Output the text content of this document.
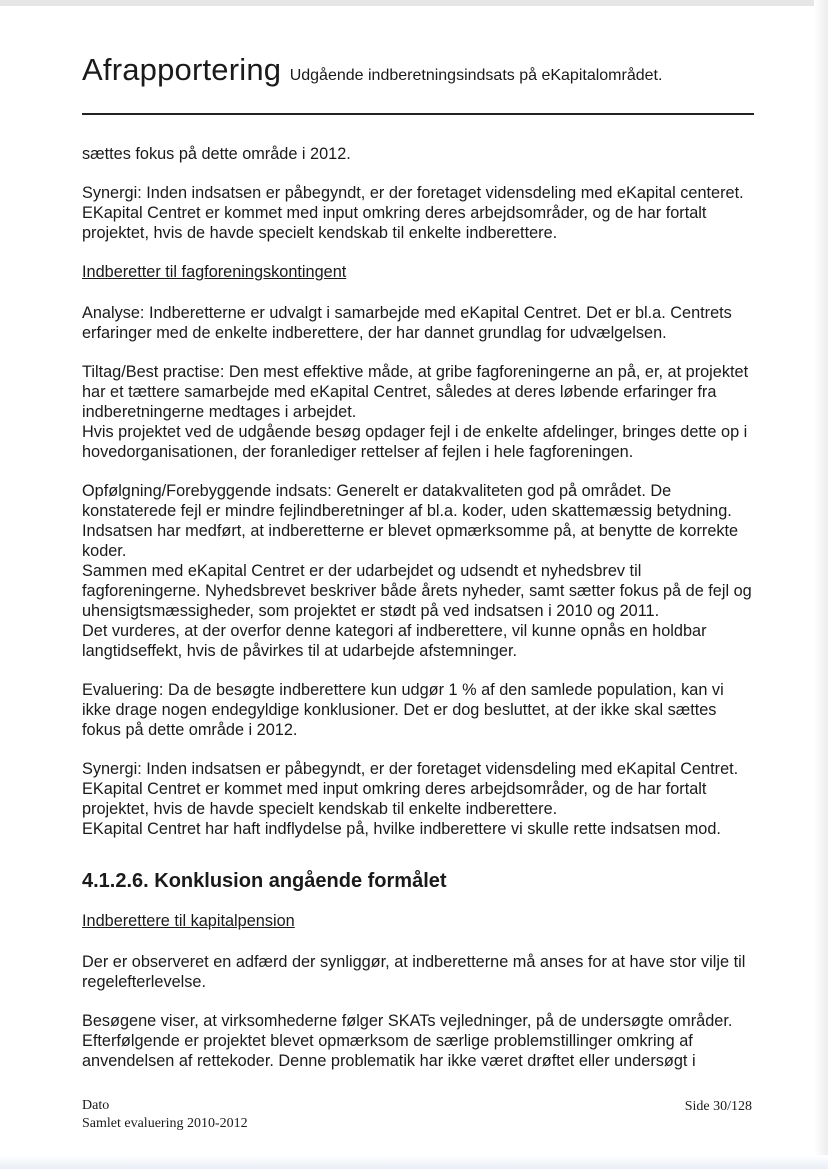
Afrapportering Udgående indberetningsindsats på eKapitalområdet.

sættes fokus på dette område i 2012.

Synergi: Inden indsatsen er påbegyndt, er der foretaget vidensdeling med eKapital centeret. EKapital Centret er kommet med input omkring deres arbejdsområder, og de har fortalt projektet, hvis de havde specielt kendskab til enkelte indberettere.

Indberetter til fagforeningskontingent

Analyse: Indberetterne er udvalgt i samarbejde med eKapital Centret. Det er bl.a. Centrets erfaringer med de enkelte indberettere, der har dannet grundlag for udvælgelsen.

Tiltag/Best practise: Den mest effektive måde, at gribe fagforeningerne an på, er, at projektet har et tættere samarbejde med eKapital Centret, således at deres løbende erfaringer fra indberetningerne medtages i arbejdet.

Hvis projektet ved de udgående besøg opdager fejl i de enkelte afdelinger, bringes dette op i hovedorganisationen, der foranlediger rettelser af fejlen i hele fagforeningen.

Opfølgning/Forebyggende indsats: Generelt er datakvaliteten god på området. De konstaterede fejl er mindre fejlindberetninger af bl.a. koder, uden skattemæssig betydning. Indsatsen har medført, at indberetterne er blevet opmærksomme på, at benytte de korrekte koder.

Sammen med eKapital Centret er der udarbejdet og udsendt et nyhedsbrev til fagforeningerne. Nyhedsbrevet beskriver både årets nyheder, samt sætter fokus på de fejl og uhensigtsmæssigheder, som projektet er stødt på ved indsatsen i 2010 og 2011.

Det vurderes, at der overfor denne kategori af indberettere, vil kunne opnås en holdbar langtidseffekt, hvis de påvirkes til at udarbejde afstemninger.

Evaluering: Da de besøgte indberettere kun udgør 1 % af den samlede population, kan vi ikke drage nogen endegyldige konklusioner. Det er dog besluttet, at der ikke skal sættes fokus på dette område i 2012.

Synergi: Inden indsatsen er påbegyndt, er der foretaget vidensdeling med eKapital Centret. EKapital Centret er kommet med input omkring deres arbejdsområder, og de har fortalt projektet, hvis de havde specielt kendskab til enkelte indberettere.

EKapital Centret har haft indflydelse på, hvilke indberettere vi skulle rette indsatsen mod.

4.1.2.6. Konklusion angående formålet

Indberettere til kapitalpension

Der er observeret en adfærd der synliggør, at indberetterne må anses for at have stor vilje til regelefterlevelse.

Besøgene viser, at virksomhederne følger SKATs vejledninger, på de undersøgte områder. Efterfølgende er projektet blevet opmærksom de særlige problemstillinger omkring af anvendelsen af rettekoder. Denne problematik har ikke været drøftet eller undersøgt i

Dato
Samlet evaluering 2010-2012
Side 30/128
